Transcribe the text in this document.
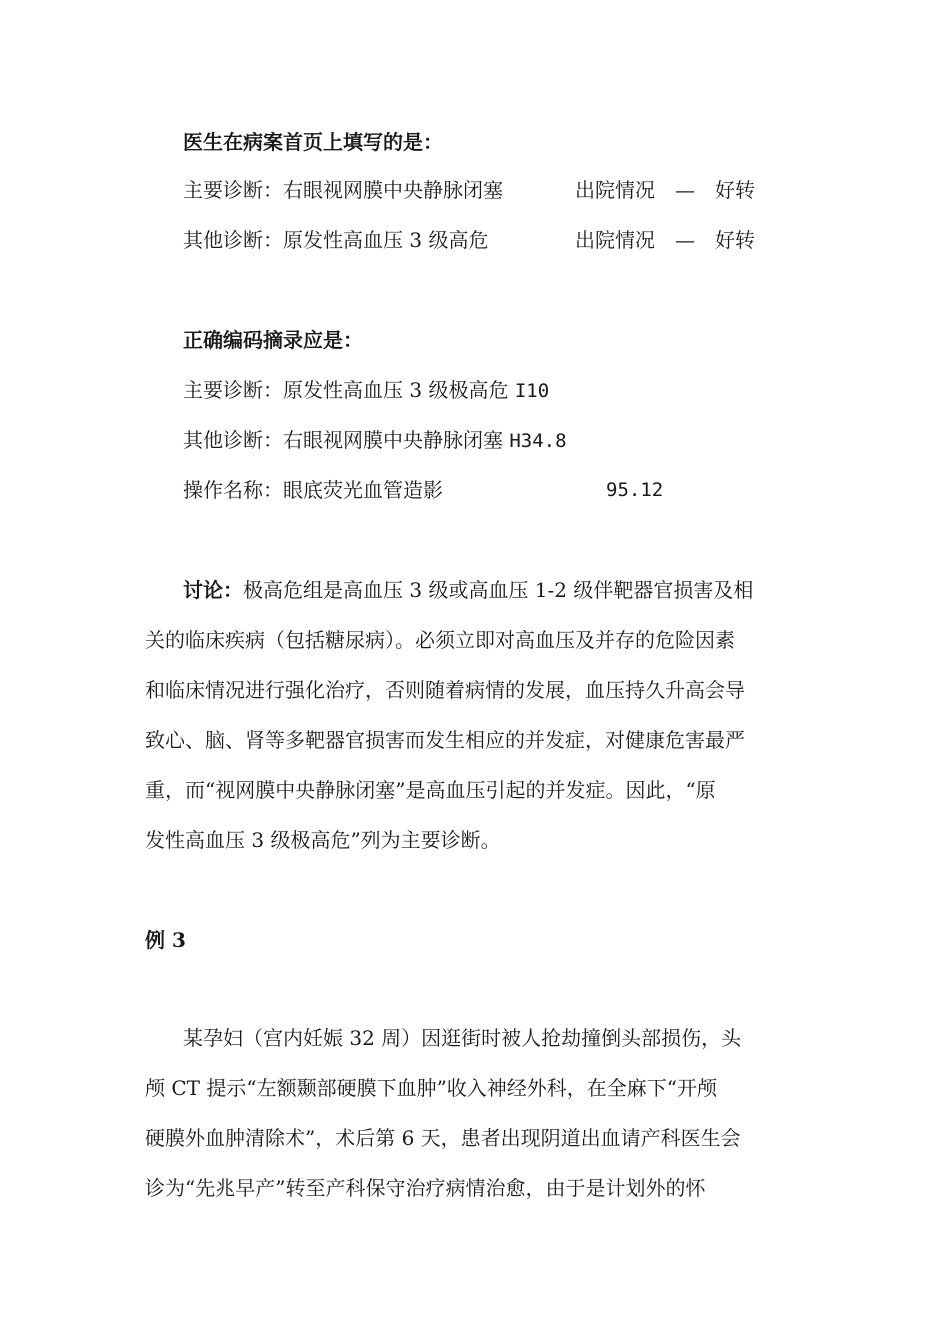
医生在病案首页上填写的是：
主要诊断：右眼视网膜中央静脉闭塞	出院情况　—　好转
其他诊断：原发性高血压 3 级高危	出院情况　—　好转
正确编码摘录应是：
主要诊断：原发性高血压 3 级极高危 I10
其他诊断：右眼视网膜中央静脉闭塞 H34.8
操作名称：眼底荧光血管造影	95.12
讨论：极高危组是高血压 3 级或高血压 1-2 级伴靶器官损害及相
关的临床疾病（包括糖尿病）。必须立即对高血压及并存的危险因素
和临床情况进行强化治疗，否则随着病情的发展，血压持久升高会导
致心、脑、肾等多靶器官损害而发生相应的并发症，对健康危害最严
重，而“视网膜中央静脉闭塞”是高血压引起的并发症。因此，“原
发性高血压 3 级极高危”列为主要诊断。
例 3
某孕妇（宫内妊娠 32 周）因逛街时被人抢劫撞倒头部损伤，头
颅 CT 提示“左额颞部硬膜下血肿”收入神经外科，在全麻下“开颅
硬膜外血肿清除术”，术后第 6 天，患者出现阴道出血请产科医生会
诊为“先兆早产”转至产科保守治疗病情治愈，由于是计划外的怀
